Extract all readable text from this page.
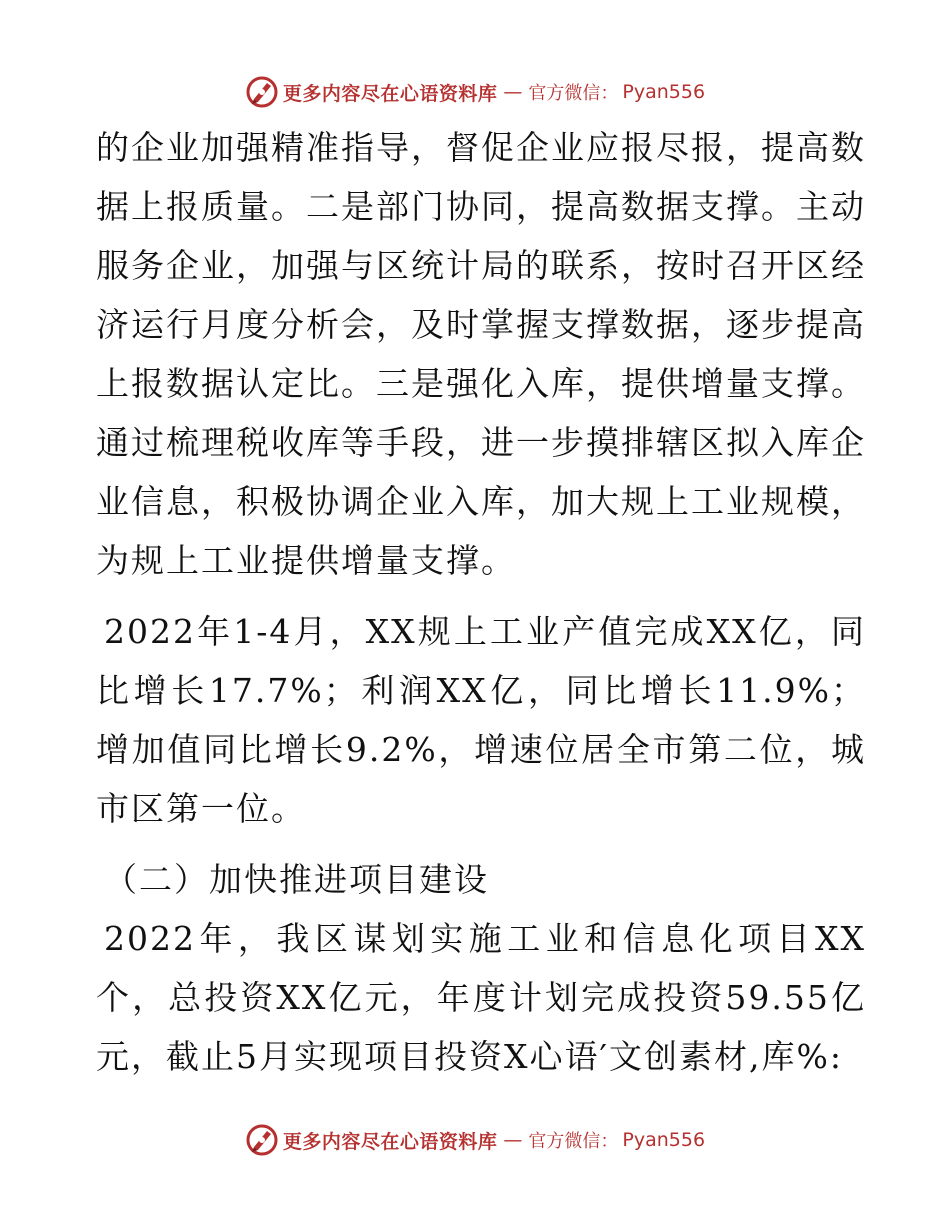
更多内容尽在心语资料库 — 官方微信： Pyan556

的企业加强精准指导，督促企业应报尽报，提高数据上报质量。二是部门协同，提高数据支撑。主动服务企业，加强与区统计局的联系，按时召开区经济运行月度分析会，及时掌握支撑数据，逐步提高上报数据认定比。三是强化入库，提供增量支撑。通过梳理税收库等手段，进一步摸排辖区拟入库企业信息，积极协调企业入库，加大规上工业规模，为规上工业提供增量支撑。

2022年1-4月，XX规上工业产值完成XX亿，同比增长17.7%；利润XX亿，同比增长11.9%；增加值同比增长9.2%，增速位居全市第二位，城市区第一位。

（二）加快推进项目建设

2022年，我区谋划实施工业和信息化项目XX个，总投资XX亿元，年度计划完成投资59.55亿元，截止5月实现项目投资X心语′文创素材,库%:

更多内容尽在心语资料库 — 官方微信： Pyan556
